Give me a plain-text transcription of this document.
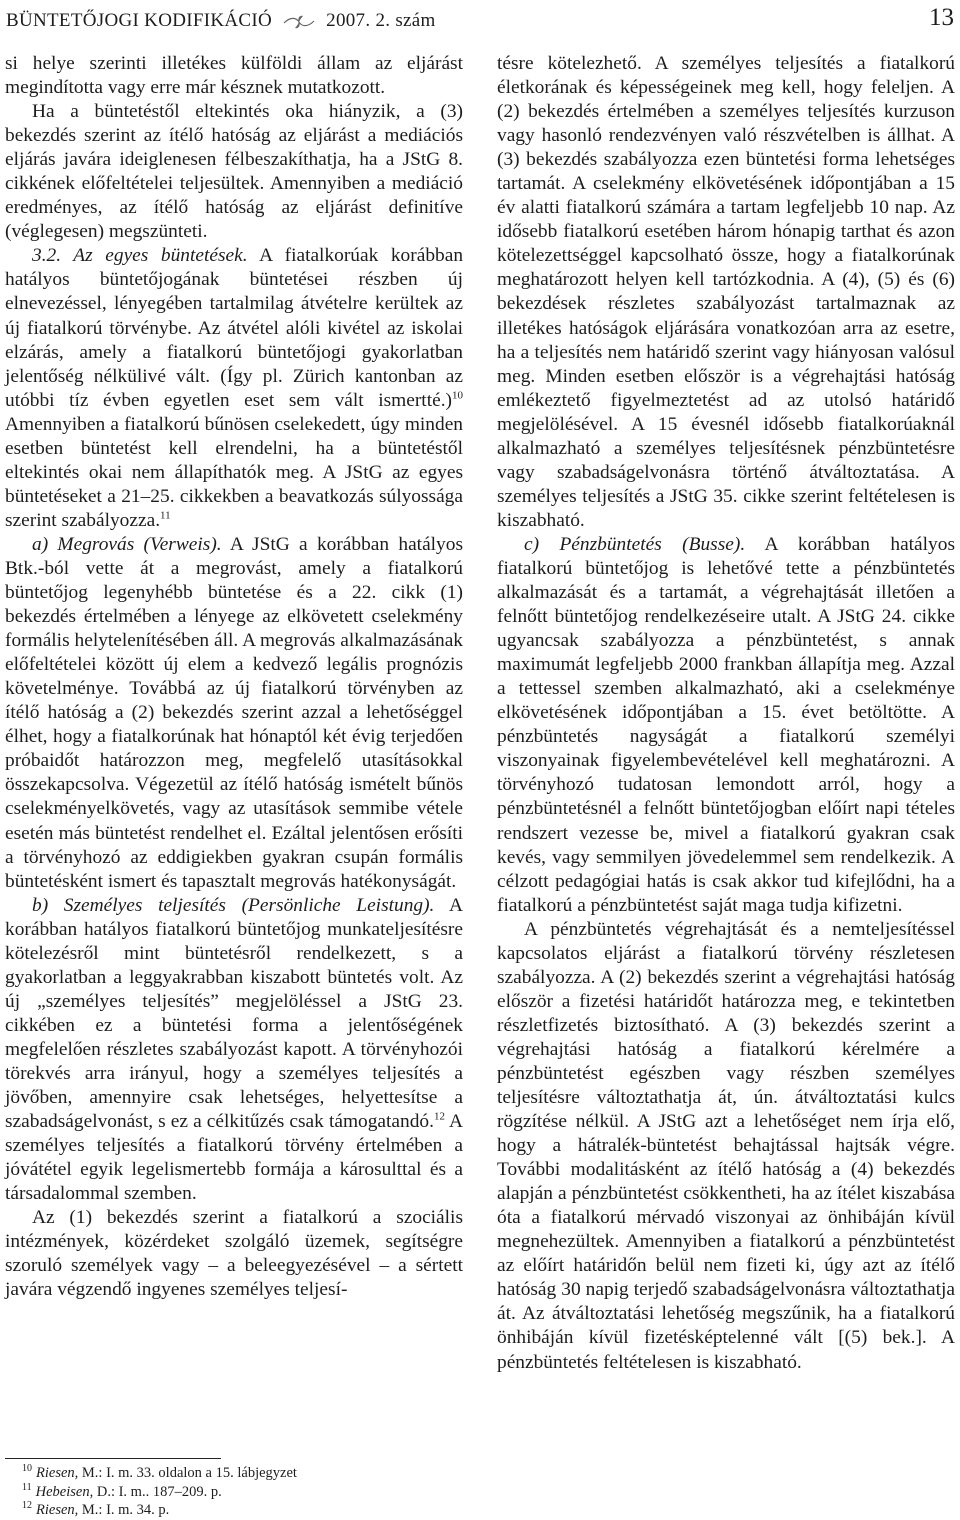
BÜNTETŐJOGI KODIFIKÁCIÓ	2007. 2. szám	13

si helye szerinti illetékes külföldi állam az eljárást megindította vagy erre már késznek mutatkozott.

Ha a büntetéstől eltekintés oka hiányzik, a (3) bekezdés szerint az ítélő hatóság az eljárást a mediációs eljárás javára ideiglenesen félbeszakíthatja, ha a JStG 8. cikkének előfeltételei teljesültek. Amennyiben a mediáció eredményes, az ítélő hatóság az eljárást definitíve (véglegesen) megszünteti.

3.2. Az egyes büntetések. A fiatalkorúak korábban hatályos büntetőjogának büntetései részben új elnevezéssel, lényegében tartalmilag átvételre kerültek az új fiatalkorú törvénybe. Az átvétel alóli kivétel az iskolai elzárás, amely a fiatalkorú büntetőjogi gyakorlatban jelentőség nélkülivé vált. (Így pl. Zürich kantonban az utóbbi tíz évben egyetlen eset sem vált ismertté.)$^{10}$ Amennyiben a fiatalkorú bűnösen cselekedett, úgy minden esetben büntetést kell elrendelni, ha a büntetéstől eltekintés okai nem állapíthatók meg. A JStG az egyes büntetéseket a 21–25. cikkekben a beavatkozás súlyossága szerint szabályozza.$^{11}$

a) Megrovás (Verweis). A JStG a korábban hatályos Btk.-ból vette át a megrovást, amely a fiatalkorú büntetőjog legenyhébb büntetése és a 22. cikk (1) bekezdés értelmében a lényege az elkövetett cselekmény formális helytelenítésében áll. A megrovás alkalmazásának előfeltételei között új elem a kedvező legális prognózis követelménye. Továbbá az új fiatalkorú törvényben az ítélő hatóság a (2) bekezdés szerint azzal a lehetőséggel élhet, hogy a fiatalkorúnak hat hónaptól két évig terjedően próbaidőt határozzon meg, megfelelő utasításokkal összekapcsolva. Végezetül az ítélő hatóság ismételt bűnös cselekményelkövetés, vagy az utasítások semmibe vétele esetén más büntetést rendelhet el. Ezáltal jelentősen erősíti a törvényhozó az eddigiekben gyakran csupán formális büntetésként ismert és tapasztalt megrovás hatékonyságát.

b) Személyes teljesítés (Persönliche Leistung). A korábban hatályos fiatalkorú büntetőjog munkateljesítésre kötelezésről mint büntetésről rendelkezett, s a gyakorlatban a leggyakrabban kiszabott büntetés volt. Az új „személyes teljesítés” megjelöléssel a JStG 23. cikkében ez a büntetési forma a jelentőségének megfelelően részletes szabályozást kapott. A törvényhozói törekvés arra irányul, hogy a személyes teljesítés a jövőben, amennyire csak lehetséges, helyettesítse a szabadságelvonást, s ez a célkitűzés csak támogatandó.$^{12}$ A személyes teljesítés a fiatalkorú törvény értelmében a jóvátétel egyik legelismertebb formája a károsulttal és a társadalommal szemben.

Az (1) bekezdés szerint a fiatalkorú a szociális intézmények, közérdeket szolgáló üzemek, segítségre szoruló személyek vagy – a beleegyezésével – a sértett javára végzendő ingyenes személyes teljesí-

tésre kötelezhető. A személyes teljesítés a fiatalkorú életkorának és képességeinek meg kell, hogy feleljen. A (2) bekezdés értelmében a személyes teljesítés kurzuson vagy hasonló rendezvényen való részvételben is állhat. A (3) bekezdés szabályozza ezen büntetési forma lehetséges tartamát. A cselekmény elkövetésének időpontjában a 15 év alatti fiatalkorú számára a tartam legfeljebb 10 nap. Az idősebb fiatalkorú esetében három hónapig tarthat és azon kötelezettséggel kapcsolható össze, hogy a fiatalkorúnak meghatározott helyen kell tartózkodnia. A (4), (5) és (6) bekezdések részletes szabályozást tartalmaznak az illetékes hatóságok eljárására vonatkozóan arra az esetre, ha a teljesítés nem határidő szerint vagy hiányosan valósul meg. Minden esetben először is a végrehajtási hatóság emlékeztető figyelmeztetést ad az utolsó határidő megjelölésével. A 15 évesnél idősebb fiatalkorúaknál alkalmazható a személyes teljesítésnek pénzbüntetésre vagy szabadságelvonásra történő átváltoztatása. A személyes teljesítés a JStG 35. cikke szerint feltételesen is kiszabható.

c) Pénzbüntetés (Busse). A korábban hatályos fiatalkorú büntetőjog is lehetővé tette a pénzbüntetés alkalmazását és a tartamát, a végrehajtását illetően a felnőtt büntetőjog rendelkezéseire utalt. A JStG 24. cikke ugyancsak szabályozza a pénzbüntetést, s annak maximumát legfeljebb 2000 frankban állapítja meg. Azzal a tettessel szemben alkalmazható, aki a cselekménye elkövetésének időpontjában a 15. évet betöltötte. A pénzbüntetés nagyságát a fiatalkorú személyi viszonyainak figyelembevételével kell meghatározni. A törvényhozó tudatosan lemondott arról, hogy a pénzbüntetésnél a felnőtt büntetőjogban előírt napi tételes rendszert vezesse be, mivel a fiatalkorú gyakran csak kevés, vagy semmilyen jövedelemmel sem rendelkezik. A célzott pedagógiai hatás is csak akkor tud kifejlődni, ha a fiatalkorú a pénzbüntetést saját maga tudja kifizetni.

A pénzbüntetés végrehajtását és a nemteljesítéssel kapcsolatos eljárást a fiatalkorú törvény részletesen szabályozza. A (2) bekezdés szerint a végrehajtási hatóság először a fizetési határidőt határozza meg, e tekintetben részletfizetés biztosítható. A (3) bekezdés szerint a végrehajtási hatóság a fiatalkorú kérelmére a pénzbüntetést egészben vagy részben személyes teljesítésre változtathatja át, ún. átváltoztatási kulcs rögzítése nélkül. A JStG azt a lehetőséget nem írja elő, hogy a hátralék-büntetést behajtással hajtsák végre. További modalitásként az ítélő hatóság a (4) bekezdés alapján a pénzbüntetést csökkentheti, ha az ítélet kiszabása óta a fiatalkorú mérvadó viszonyai az önhibáján kívül megnehezültek. Amennyiben a fiatalkorú a pénzbüntetést az előírt határidőn belül nem fizeti ki, úgy azt az ítélő hatóság 30 napig terjedő szabadságelvonásra változtathatja át. Az átváltoztatási lehetőség megszűnik, ha a fiatalkorú önhibáján kívül fizetésképtelenné vált [(5) bek.]. A pénzbüntetés feltételesen is kiszabható.

$^{10}$ Riesen, M.: I. m. 33. oldalon a 15. lábjegyzet
$^{11}$ Hebeisen, D.: I. m.. 187–209. p.
$^{12}$ Riesen, M.: I. m. 34. p.
